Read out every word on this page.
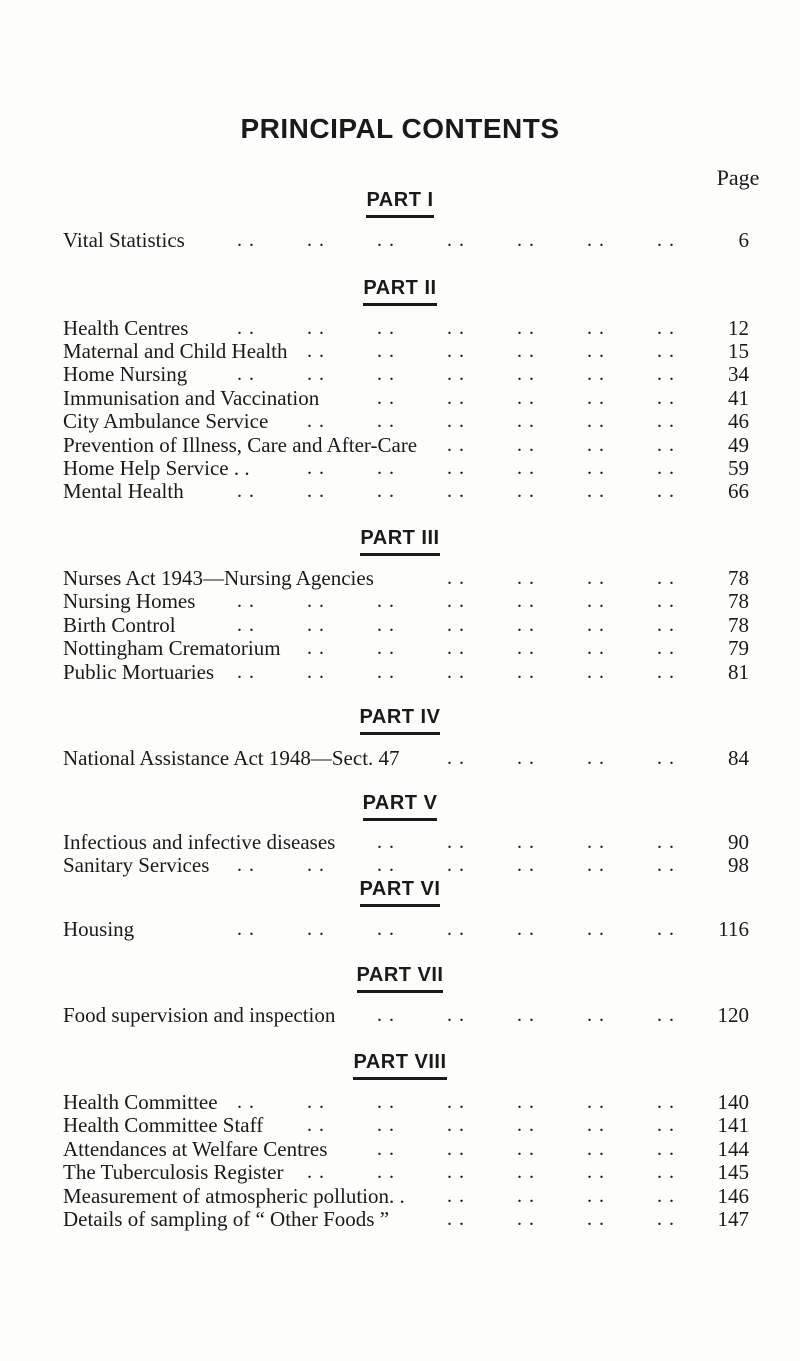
PRINCIPAL CONTENTS
Page
PART I
Vital Statistics	. .	. .	. .	. .	. .	. .	. .	6
PART II
Health Centres . .	. .	. .	. .	. .	. .	. .	12
Maternal and Child Health . .	. .	. .	. .	. .	. .	15
Home Nursing . .	. .	. .	. .	. .	. .	. .	34
Immunisation and Vaccination	. .	. .	. .	. .	. .	41
City Ambulance Service . .	. .	. .	. .	. .	. .	46
Prevention of Illness, Care and After-Care . .	. .	. .	. .	49
Home Help Service . .	. .	. .	. .	. .	. .	. .	59
Mental Health	. .	. .	. .	. .	. .	. .	. .	66
PART III
Nurses Act 1943—Nursing Agencies	. .	. .	. .	. .	78
Nursing Homes . .	. .	. .	. .	. .	. .	. .	78
Birth Control	. .	. .	. .	. .	. .	. .	. .	78
Nottingham Crematorium . .	. .	. .	. .	. .	. .	79
Public Mortuaries . .	. .	. .	. .	. .	. .	. .	81
PART IV
National Assistance Act 1948—Sect. 47 . .	. .	. .	. .	84
PART V
Infectious and infective diseases . .	. .	. .	. .	. .	90
Sanitary Services . .	. .	. .	. .	. .	. .	. .	98
PART VI
Housing	. .	. .	. .	. .	. .	. .	. . 116
PART VII
Food supervision and inspection . .	. .	. .	. .	. . 120
PART VIII
Health Committee . .	. .	. .	. .	. .	. .	. . 140
Health Committee Staff . .	. .	. .	. .	. .	. . 141
Attendances at Welfare Centres . .	. .	. .	. .	. . 144
The Tuberculosis Register . .	. .	. .	. .	. .	. . 145
Measurement of atmospheric pollution. . . .	. .	. .	. . 146
Details of sampling of “ Other Foods ”	. .	. .	. .	. . 147
